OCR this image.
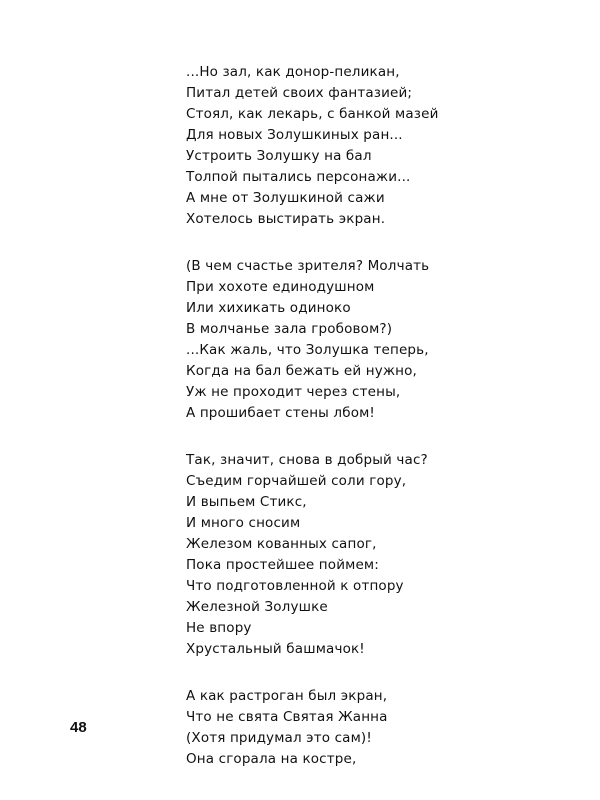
...Но зал, как донор-пеликан,
Питал детей своих фантазией;
Стоял, как лекарь, с банкой мазей
Для новых Золушкиных ран...
Устроить Золушку на бал
Толпой пытались персонажи...
А мне от Золушкиной сажи
Хотелось выстирать экран.
(В чем счастье зрителя? Молчать
При хохоте единодушном
Или хихикать одиноко
В молчанье зала гробовом?)
...Как жаль, что Золушка теперь,
Когда на бал бежать ей нужно,
Уж не проходит через стены,
А прошибает стены лбом!
Так, значит, снова в добрый час?
Съедим горчайшей соли гору,
И выпьем Стикс,
И много сносим
Железом кованных сапог,
Пока простейшее поймем:
Что подготовленной к отпору
Железной Золушке
Не впору
Хрустальный башмачок!
А как растроган был экран,
Что не свята Святая Жанна
(Хотя придумал это сам)!
Она сгорала на костре,
48
